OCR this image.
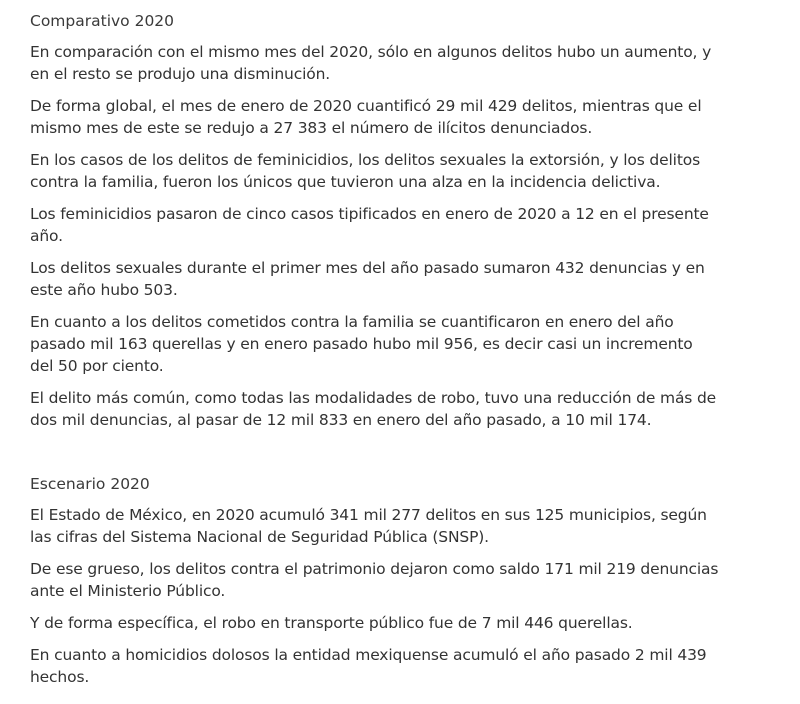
Comparativo 2020

En comparación con el mismo mes del 2020, sólo en algunos delitos hubo un aumento, y en el resto se produjo una disminución.

De forma global, el mes de enero de 2020 cuantificó 29 mil 429 delitos, mientras que el mismo mes de este se redujo a 27 383 el número de ilícitos denunciados.

En los casos de los delitos de feminicidios, los delitos sexuales la extorsión, y los delitos contra la familia, fueron los únicos que tuvieron una alza en la incidencia delictiva.

Los feminicidios pasaron de cinco casos tipificados en enero de 2020 a 12 en el presente año.

Los delitos sexuales durante el primer mes del año pasado sumaron 432 denuncias y en este año hubo 503.

En cuanto a los delitos cometidos contra la familia se cuantificaron en enero del año pasado mil 163 querellas y en enero pasado hubo mil 956, es decir casi un incremento del 50 por ciento.

El delito más común, como todas las modalidades de robo, tuvo una reducción de más de dos mil denuncias, al pasar de 12 mil 833 en enero del año pasado, a 10 mil 174.

Escenario 2020

El Estado de México, en 2020 acumuló 341 mil 277 delitos en sus 125 municipios, según las cifras del Sistema Nacional de Seguridad Pública (SNSP).

De ese grueso, los delitos contra el patrimonio dejaron como saldo 171 mil 219 denuncias ante el Ministerio Público.

Y de forma específica, el robo en transporte público fue de 7 mil 446 querellas.

En cuanto a homicidios dolosos la entidad mexiquense acumuló el año pasado 2 mil 439 hechos.
